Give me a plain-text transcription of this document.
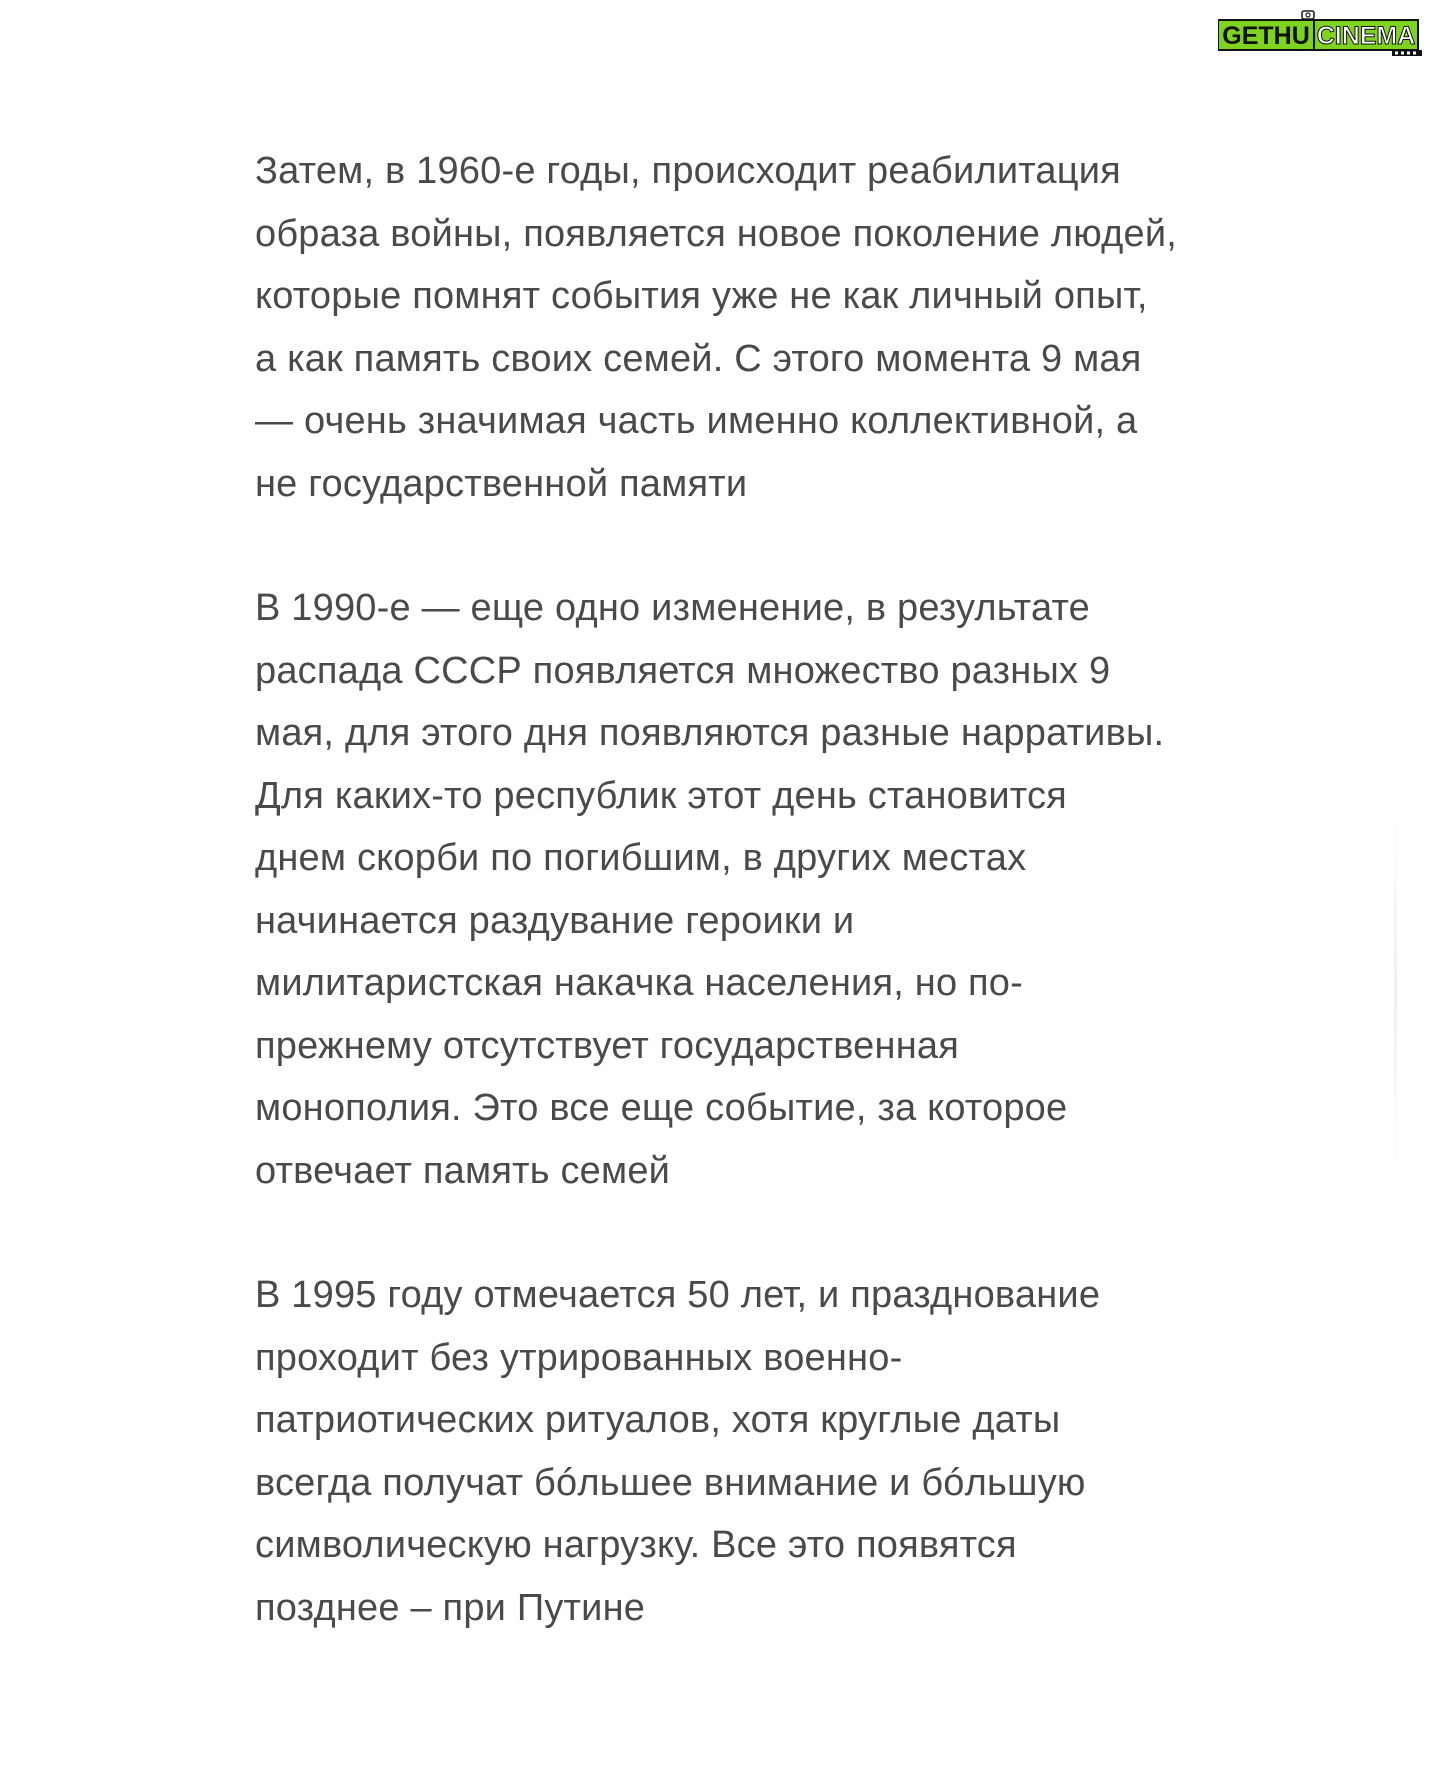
GETHU CINEMA

Затем, в 1960-е годы, происходит реабилитация
образа войны, появляется новое поколение людей,
которые помнят события уже не как личный опыт,
а как память своих семей. С этого момента 9 мая
— очень значимая часть именно коллективной, а
не государственной памяти

В 1990-е — еще одно изменение, в результате
распада СССР появляется множество разных 9
мая, для этого дня появляются разные нарративы.
Для каких-то республик этот день становится
днем скорби по погибшим, в других местах
начинается раздувание героики и
милитаристская накачка населения, но по-
прежнему отсутствует государственная
монополия. Это все еще событие, за которое
отвечает память семей

В 1995 году отмечается 50 лет, и празднование
проходит без утрированных военно-
патриотических ритуалов, хотя круглые даты
всегда получат бóльшее внимание и бóльшую
символическую нагрузку. Все это появятся
позднее – при Путине
